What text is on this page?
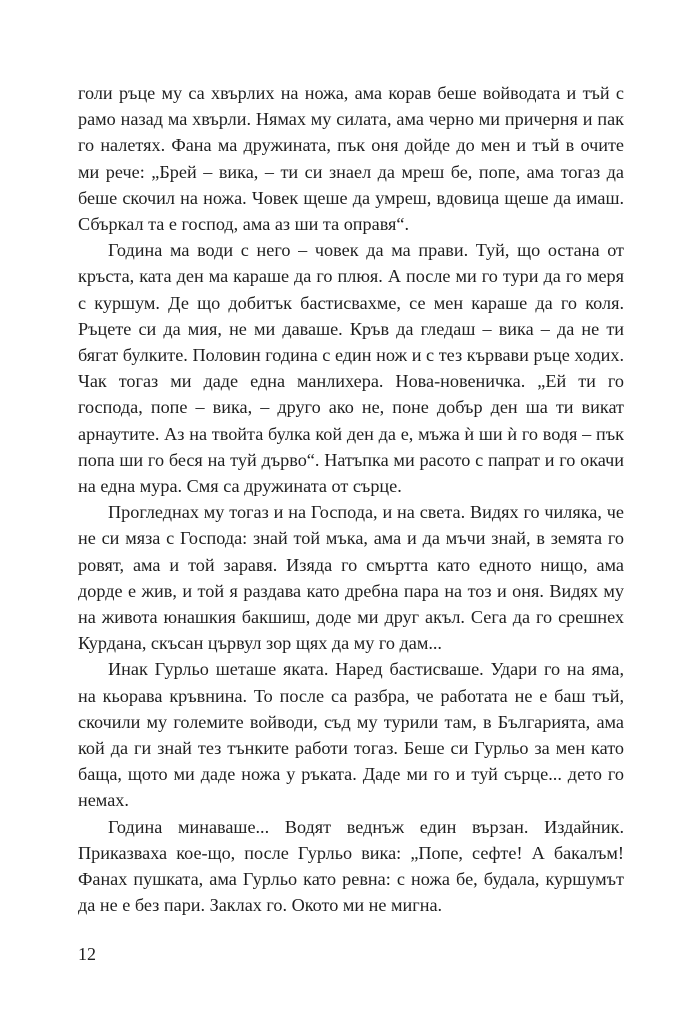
голи ръце му са хвърлих на ножа, ама корав беше войводата и тъй с рамо назад ма хвърли. Нямах му силата, ама черно ми причерня и пак го налетях. Фана ма дружината, пък оня дойде до мен и тъй в очите ми рече: „Брей – вика, – ти си знаел да мреш бе, попе, ама тогаз да беше скочил на ножа. Човек щеше да умреш, вдовица щеше да имаш. Сбъркал та е господ, ама аз ши та оправя“.

Година ма води с него – човек да ма прави. Туй, що остана от кръста, ката ден ма караше да го плюя. А после ми го тури да го меря с куршум. Де що добитък бастисвахме, се мен караше да го коля. Ръцете си да мия, не ми даваше. Кръв да гледаш – вика – да не ти бягат булките. Половин година с един нож и с тез кървави ръце ходих. Чак тогаз ми даде една манлихера. Нова-новеничка. „Ей ти го господа, попе – вика, – друго ако не, поне добър ден ша ти викат арнаутите. Аз на твойта булка кой ден да е, мъжа ѝ ши ѝ го водя – пък попа ши го беся на туй дърво“. Натъпка ми расото с папрат и го окачи на една мура. Смя са дружината от сърце.

Прогледнах му тогаз и на Господа, и на света. Видях го чиляка, че не си мязa с Господа: знай той мъка, ама и да мъчи знай, в земята го ровят, ама и той заравя. Изяда го смъртта като едното нищо, ама дорде е жив, и той я раздава като дребна пара на тоз и оня. Видях му на живота юнашкия бакшиш, доде ми друг акъл. Сега да го срешнех Курдана, скъсан цървул зор щях да му го дам...

Инак Гурльо шеташе яката. Наред бастисваше. Удари го на яма, на кьорава кръвнина. То после са разбра, че работата не е баш тъй, скочили му големите войводи, съд му турили там, в Българията, ама кой да ги знай тез тънките работи тогаз. Беше си Гурльо за мен като баща, щото ми даде ножа у ръката. Даде ми го и туй сърце... дето го немах.

Година минаваше... Водят веднъж един вързан. Издайник. Приказваха кое-що, после Гурльо вика: „Попе, сефте! А бакалъм! Фанах пушката, ама Гурльо като ревна: с ножа бе, будала, куршумът да не е без пари. Заклах го. Окото ми не мигна.

12
